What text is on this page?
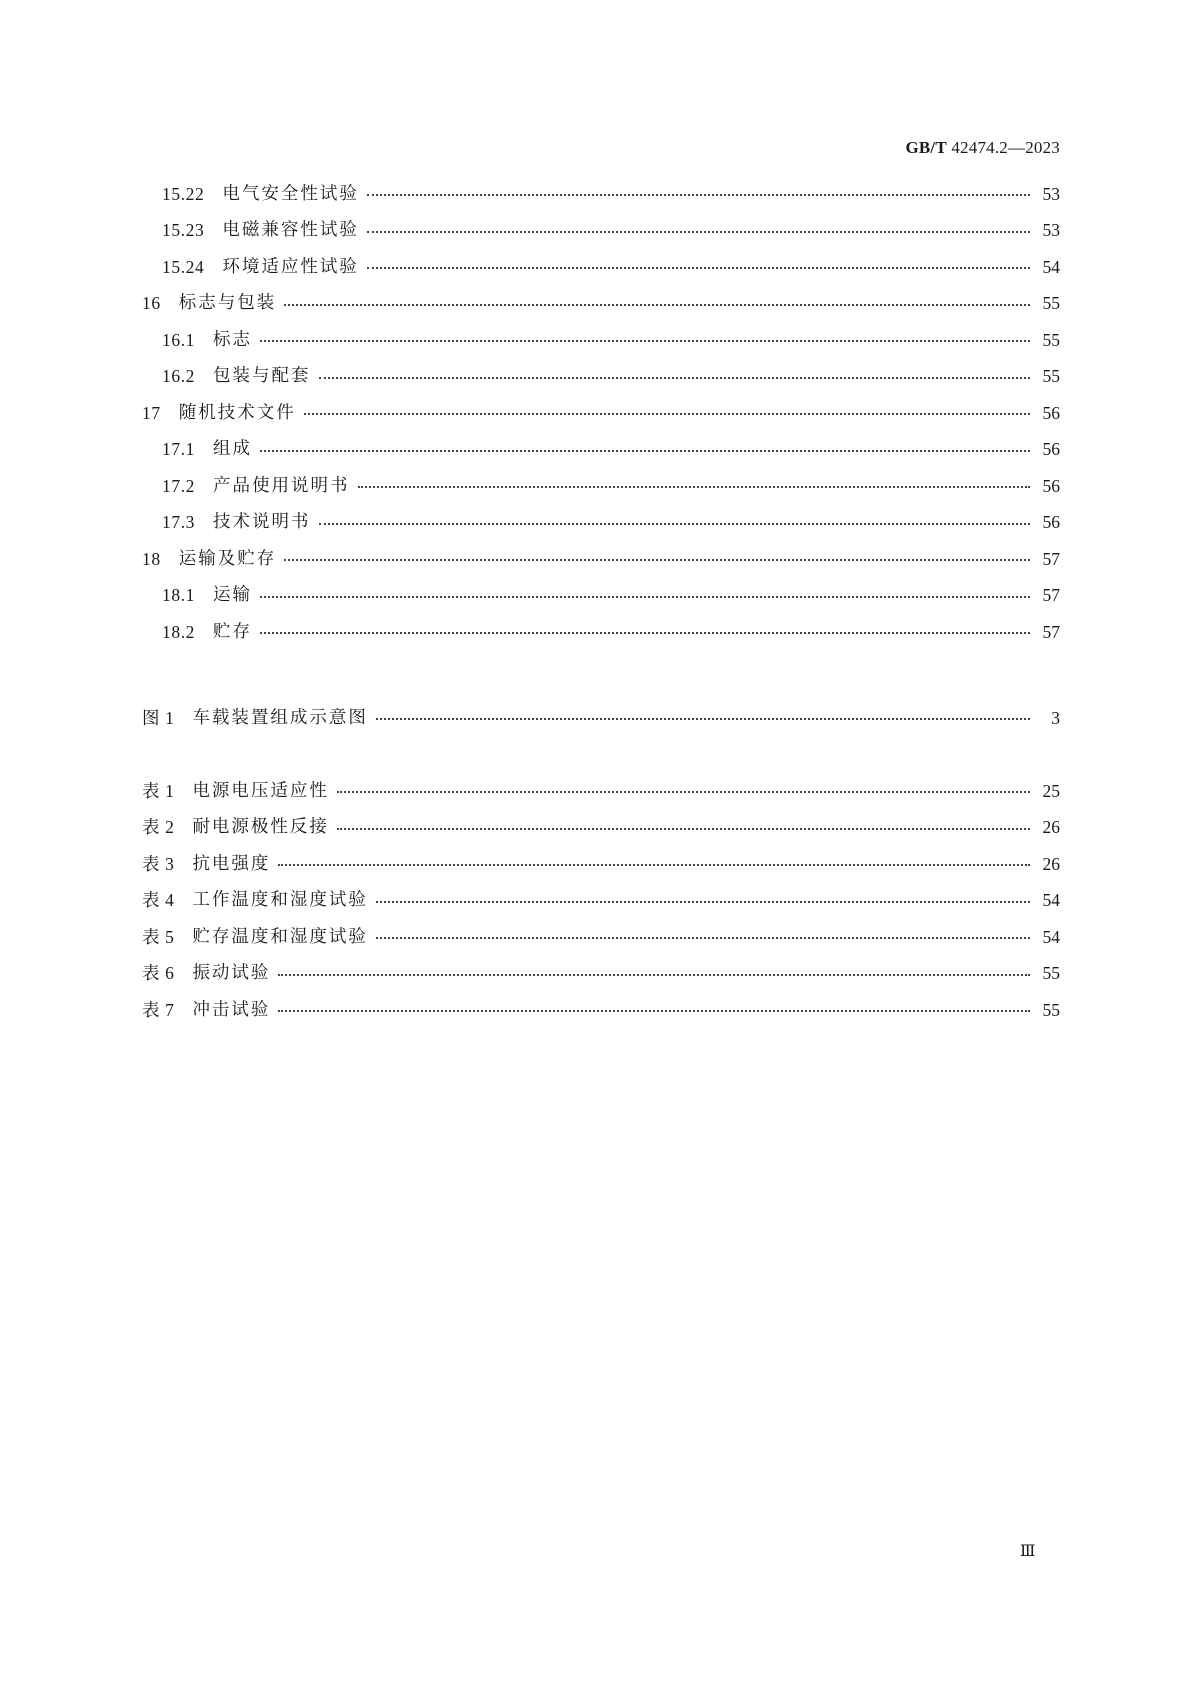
GB/T 42474.2—2023
15.22 电气安全性试验	53
15.23 电磁兼容性试验	53
15.24 环境适应性试验	54
16 标志与包装	55
16.1 标志	55
16.2 包装与配套	55
17 随机技术文件	56
17.1 组成	56
17.2 产品使用说明书	56
17.3 技术说明书	56
18 运输及贮存	57
18.1 运输	57
18.2 贮存	57
图 1 车载装置组成示意图	3
表 1 电源电压适应性	25
表 2 耐电源极性反接	26
表 3 抗电强度	26
表 4 工作温度和湿度试验	54
表 5 贮存温度和湿度试验	54
表 6 振动试验	55
表 7 冲击试验	55
Ⅲ
